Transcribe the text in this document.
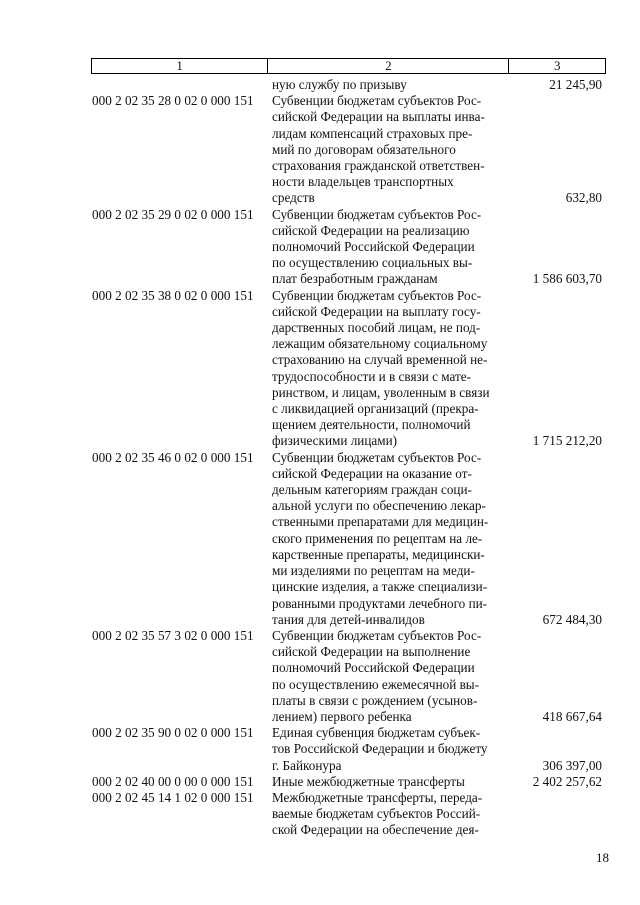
1	2	3
ную службу по призыву	21 245,90
000 2 02 35 28 0 02 0 000 151	Субвенции бюджетам субъектов Рос-
сийской Федерации на выплаты инва-
лидам компенсаций страховых пре-
мий по договорам обязательного
страхования гражданской ответствен-
ности владельцев транспортных
средств	632,80
000 2 02 35 29 0 02 0 000 151	Субвенции бюджетам субъектов Рос-
сийской Федерации на реализацию
полномочий Российской Федерации
по осуществлению социальных вы-
плат безработным гражданам	1 586 603,70
000 2 02 35 38 0 02 0 000 151	Субвенции бюджетам субъектов Рос-
сийской Федерации на выплату госу-
дарственных пособий лицам, не под-
лежащим обязательному социальному
страхованию на случай временной не-
трудоспособности и в связи с мате-
ринством, и лицам, уволенным в связи
с ликвидацией организаций (прекра-
щением деятельности, полномочий
физическими лицами)	1 715 212,20
000 2 02 35 46 0 02 0 000 151	Субвенции бюджетам субъектов Рос-
сийской Федерации на оказание от-
дельным категориям граждан соци-
альной услуги по обеспечению лекар-
ственными препаратами для медицин-
ского применения по рецептам на ле-
карственные препараты, медицински-
ми изделиями по рецептам на меди-
цинские изделия, а также специализи-
рованными продуктами лечебного пи-
тания для детей-инвалидов	672 484,30
000 2 02 35 57 3 02 0 000 151	Субвенции бюджетам субъектов Рос-
сийской Федерации на выполнение
полномочий Российской Федерации
по осуществлению ежемесячной вы-
платы в связи с рождением (усынов-
лением) первого ребенка	418 667,64
000 2 02 35 90 0 02 0 000 151	Единая субвенция бюджетам субъек-
тов Российской Федерации и бюджету
г. Байконура	306 397,00
000 2 02 40 00 0 00 0 000 151	Иные межбюджетные трансферты	2 402 257,62
000 2 02 45 14 1 02 0 000 151	Межбюджетные трансферты, переда-
ваемые бюджетам субъектов Россий-
ской Федерации на обеспечение дея-
18
